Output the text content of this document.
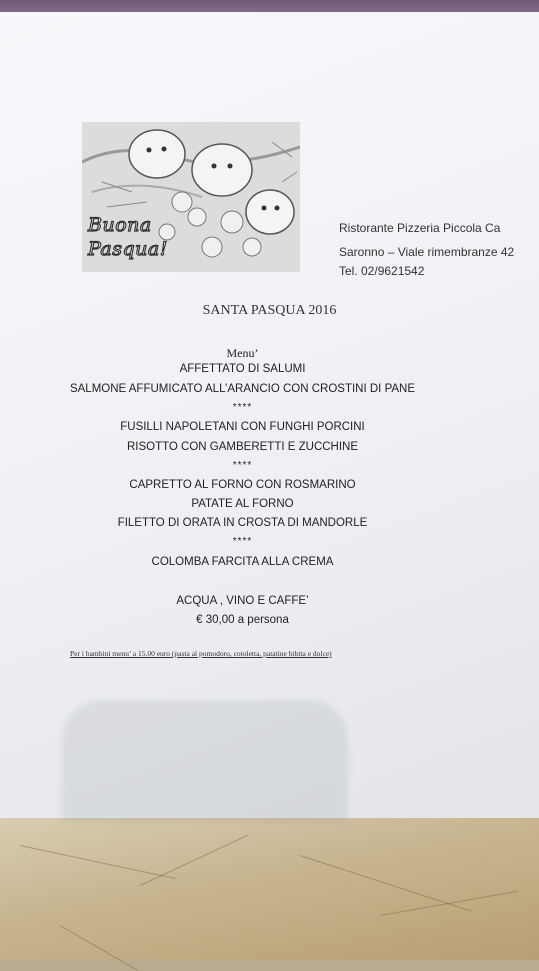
Buona
Pasqua!
Ristorante Pizzeria Piccola Ca
Saronno – Viale rimembranze 42
Tel. 02/9621542
SANTA PASQUA 2016
Menu’
AFFETTATO DI SALUMI
SALMONE AFFUMICATO ALL’ARANCIO CON CROSTINI DI PANE
****
FUSILLI NAPOLETANI CON FUNGHI PORCINI
RISOTTO CON GAMBERETTI E ZUCCHINE
****
CAPRETTO AL FORNO CON ROSMARINO
PATATE AL FORNO
FILETTO DI ORATA IN CROSTA DI MANDORLE
****
COLOMBA FARCITA ALLA CREMA
ACQUA , VINO E CAFFE’
€ 30,00 a persona
Per i bambini menu’ a 15.00 euro (pasta al pomodoro, cotoletta, patatine bibita e dolce)
